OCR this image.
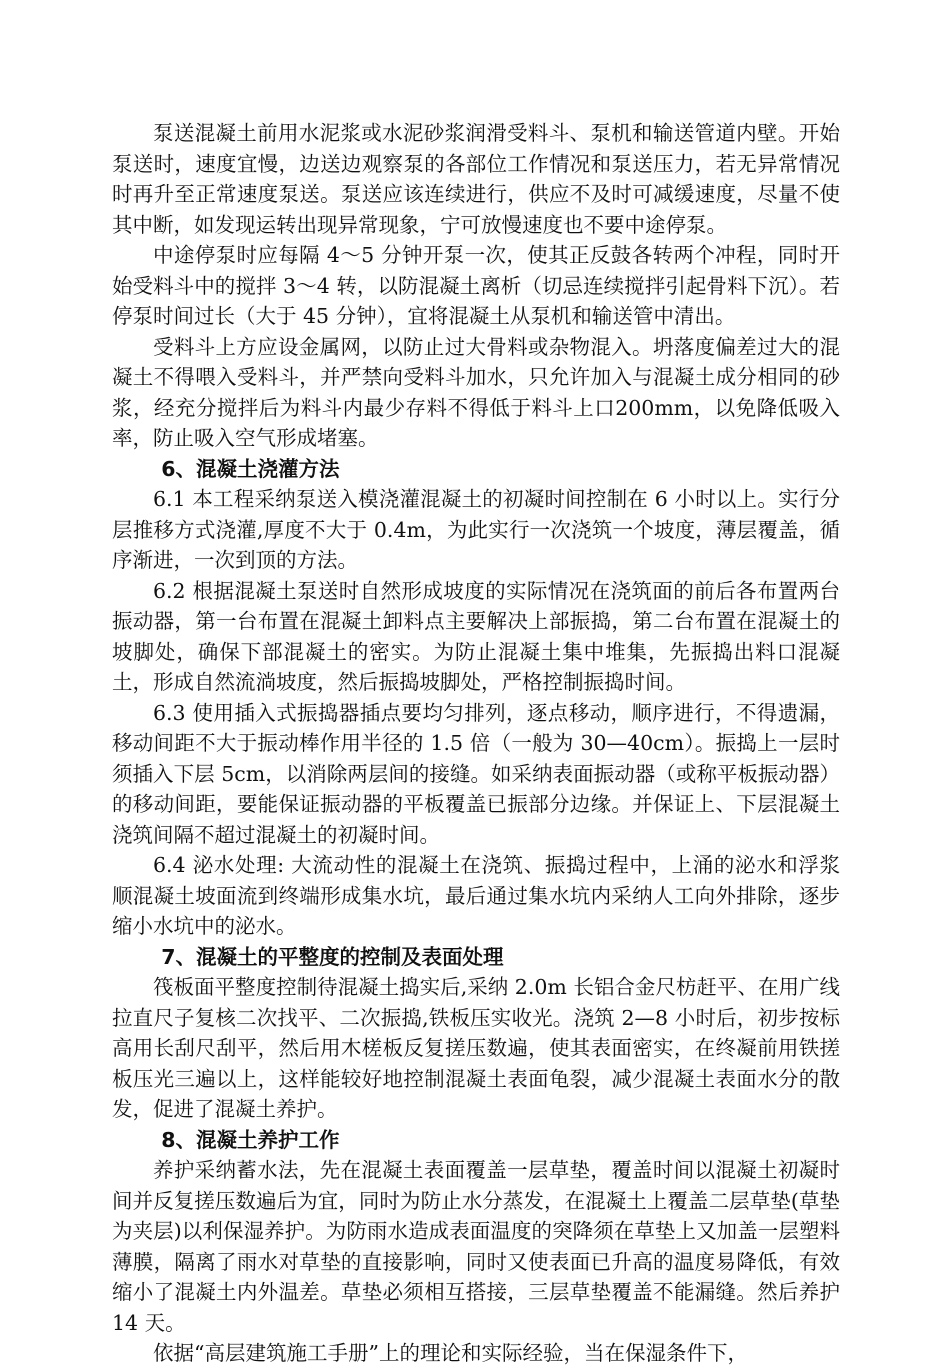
泵送混凝土前用水泥浆或水泥砂浆润滑受料斗、泵机和输送管道内壁。开始泵送时，速度宜慢，边送边观察泵的各部位工作情况和泵送压力，若无异常情况时再升至正常速度泵送。泵送应该连续进行，供应不及时可减缓速度，尽量不使其中断，如发现运转出现异常现象，宁可放慢速度也不要中途停泵。

中途停泵时应每隔 4～5 分钟开泵一次，使其正反鼓各转两个冲程，同时开始受料斗中的搅拌 3～4 转，以防混凝土离析（切忌连续搅拌引起骨料下沉）。若停泵时间过长（大于 45 分钟），宜将混凝土从泵机和输送管中清出。

受料斗上方应设金属网，以防止过大骨料或杂物混入。坍落度偏差过大的混凝土不得喂入受料斗，并严禁向受料斗加水，只允许加入与混凝土成分相同的砂浆，经充分搅拌后为料斗内最少存料不得低于料斗上口200mm，以免降低吸入率，防止吸入空气形成堵塞。

6、混凝土浇灌方法

6.1 本工程采纳泵送入模浇灌混凝土的初凝时间控制在 6 小时以上。实行分层推移方式浇灌,厚度不大于 0.4m，为此实行一次浇筑一个坡度，薄层覆盖，循序渐进，一次到顶的方法。

6.2 根据混凝土泵送时自然形成坡度的实际情况在浇筑面的前后各布置两台振动器，第一台布置在混凝土卸料点主要解决上部振捣，第二台布置在混凝土的坡脚处，确保下部混凝土的密实。为防止混凝土集中堆集，先振捣出料口混凝土，形成自然流淌坡度，然后振捣坡脚处，严格控制振捣时间。

6.3 使用插入式振捣器插点要均匀排列，逐点移动，顺序进行，不得遗漏，移动间距不大于振动棒作用半径的 1.5 倍（一般为 30—40cm）。振捣上一层时须插入下层 5cm，以消除两层间的接缝。如采纳表面振动器（或称平板振动器）的移动间距，要能保证振动器的平板覆盖已振部分边缘。并保证上、下层混凝土浇筑间隔不超过混凝土的初凝时间。

6.4 泌水处理: 大流动性的混凝土在浇筑、振捣过程中，上涌的泌水和浮浆顺混凝土坡面流到终端形成集水坑，最后通过集水坑内采纳人工向外排除，逐步缩小水坑中的泌水。

7、混凝土的平整度的控制及表面处理

筏板面平整度控制待混凝土捣实后,采纳 2.0m 长铝合金尺枋赶平、在用广线拉直尺子复核二次找平、二次振捣,铁板压实收光。浇筑 2—8 小时后，初步按标高用长刮尺刮平，然后用木槎板反复搓压数遍，使其表面密实，在终凝前用铁搓板压光三遍以上，这样能较好地控制混凝土表面龟裂，减少混凝土表面水分的散发，促进了混凝土养护。

8、混凝土养护工作

养护采纳蓄水法，先在混凝土表面覆盖一层草垫，覆盖时间以混凝土初凝时间并反复搓压数遍后为宜，同时为防止水分蒸发，在混凝土上覆盖二层草垫(草垫为夹层)以利保湿养护。为防雨水造成表面温度的突降须在草垫上又加盖一层塑料薄膜，隔离了雨水对草垫的直接影响，同时又使表面已升高的温度易降低，有效缩小了混凝土内外温差。草垫必须相互搭接，三层草垫覆盖不能漏缝。然后养护 14 天。

依据“高层建筑施工手册”上的理论和实际经验，当在保湿条件下，
